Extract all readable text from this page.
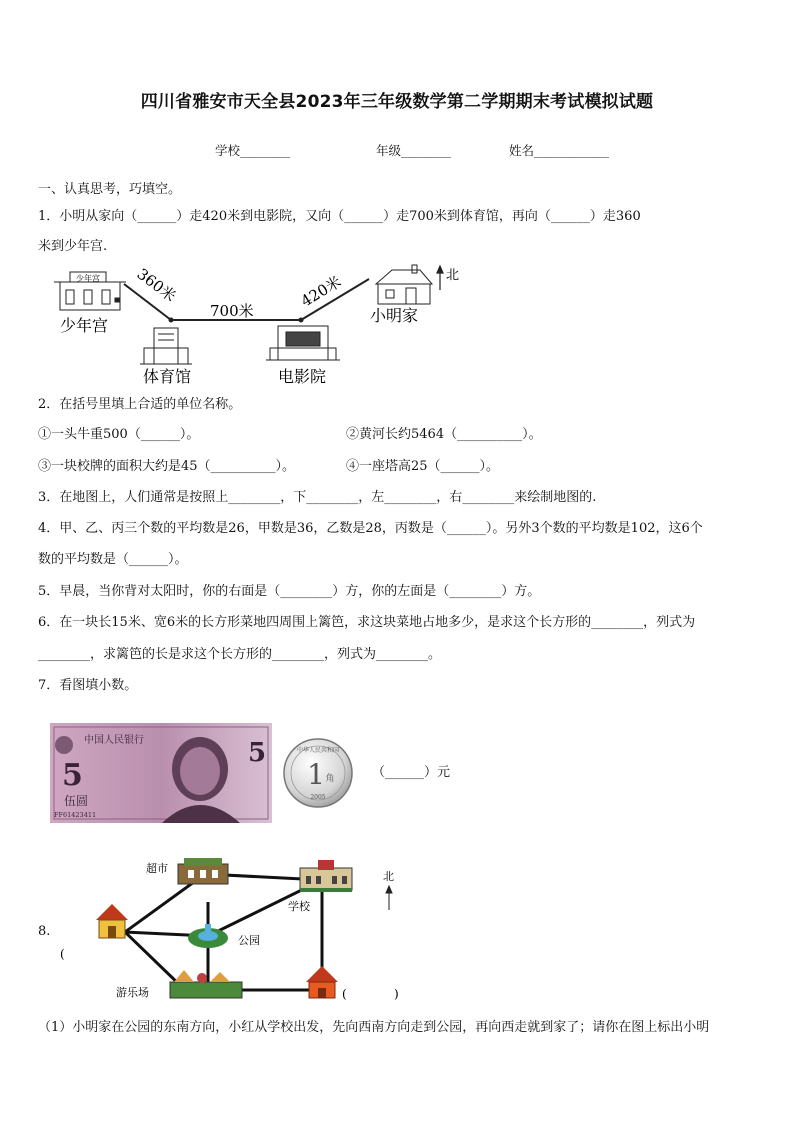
四川省雅安市天全县2023年三年级数学第二学期期末考试模拟试题
学校________	年级________	姓名____________
一、认真思考，巧填空。
1．小明从家向（______）走420米到电影院，又向（______）走700米到体育馆，再向（______）走360
米到少年宫.
少年宫
少年宫
360米
700米
420米
体育馆	电影院
小明家
北
2．在括号里填上合适的单位名称。
①一头牛重500（______）。	②黄河长约5464（__________）。
③一块校牌的面积大约是45（__________）。	④一座塔高25（______）。
3．在地图上，人们通常是按照上________，下________，左________，右________来绘制地图的.
4．甲、乙、丙三个数的平均数是26，甲数是36，乙数是28，丙数是（______）。另外3个数的平均数是102，这6个
数的平均数是（______）。
5．早晨，当你背对太阳时，你的右面是（________）方，你的左面是（________）方。
6．在一块长15米、宽6米的长方形菜地四周围上篱笆，求这块菜地占地多少，是求这个长方形的________，列式为
________，求篱笆的长是求这个长方形的________，列式为________。
7．看图填小数。
中国人民银行
5
伍圆
FF61423411
5	中华人民共和国
1 角
2005
（______）元
8.
超市
学校
公园
游乐场
(
(	)
北
（1）小明家在公园的东南方向，小红从学校出发，先向西南方向走到公园，再向西走就到家了；请你在图上标出小明
